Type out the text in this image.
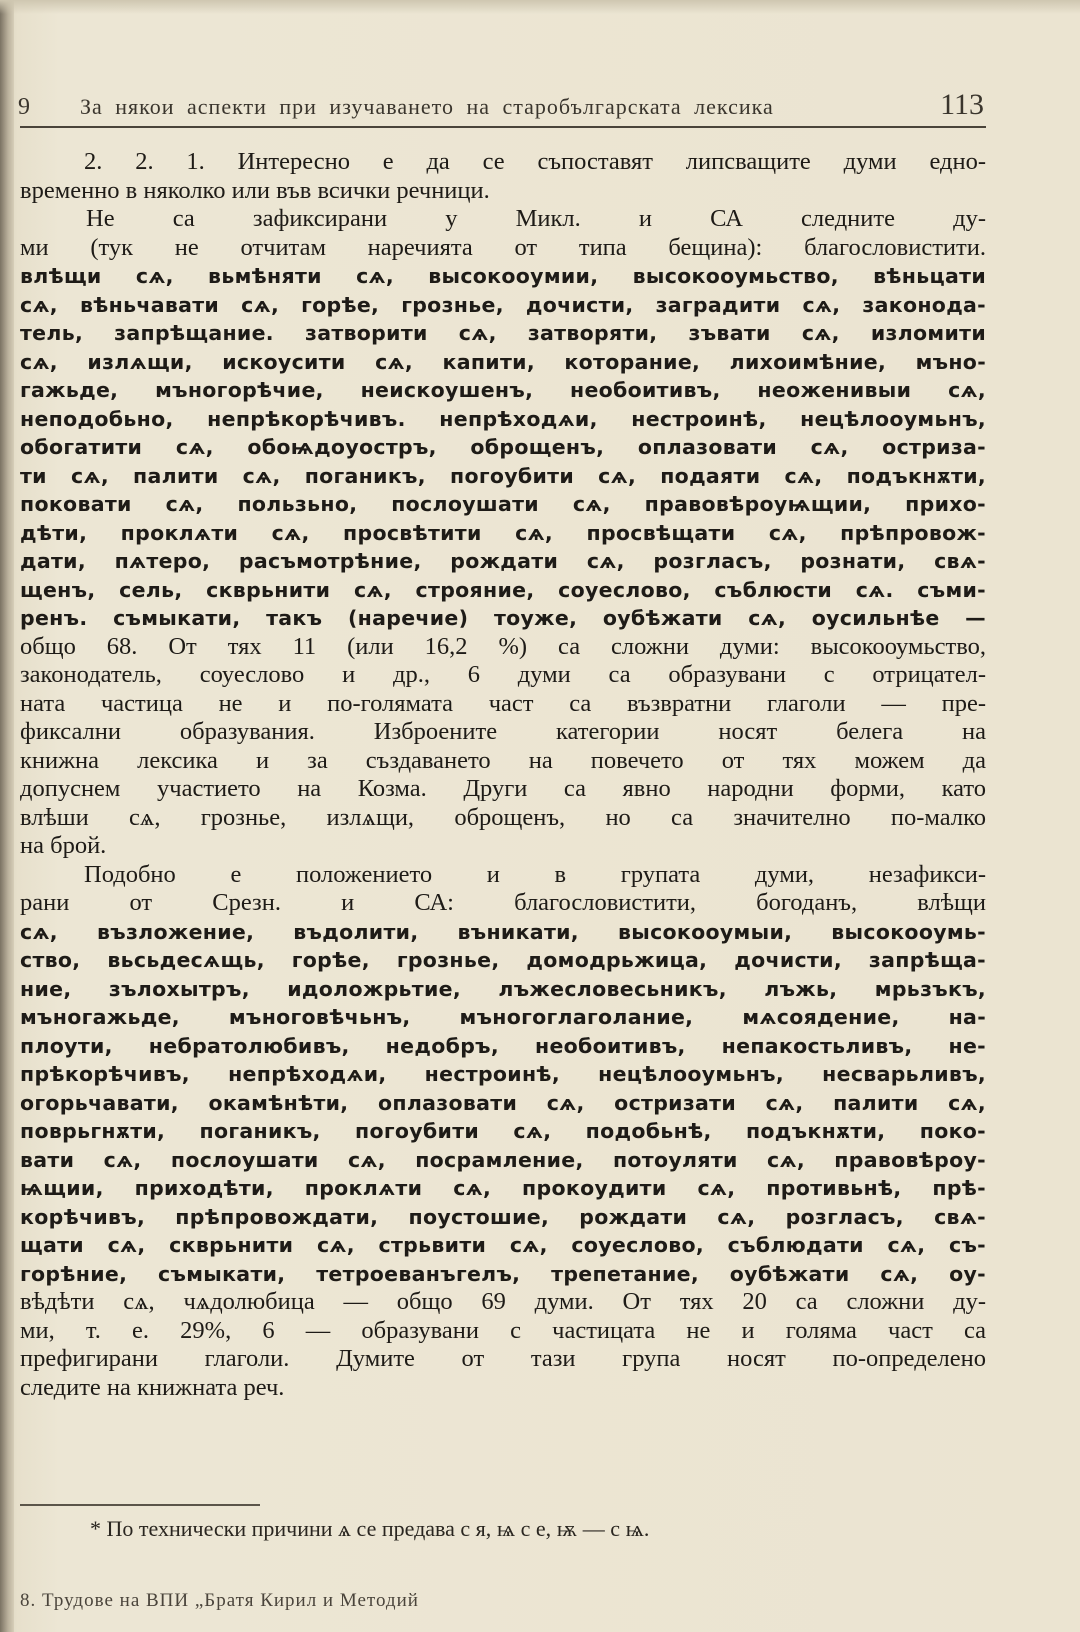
9 За някои аспекти при изучаването на старобългарската лексика	113
2. 2. 1. Интересно е да се съпоставят липсващите думи едно-
временно в няколко или във всички речници.
Не са зафиксирани у Микл. и СА следните ду-
ми (тук не отчитам наречията от типа бещина): благословистити.
влѣщи сѧ, вьмѣняти сѧ, высокоoумии, высокоoумьство, вѣньцати
сѧ, вѣньчавати сѧ, горѣе, грозньe, дочисти, заградити сѧ, законода-
тель, запрѣщание. затворити сѧ, затворяти, зъвати сѧ, изломити
сѧ, излѧщи, искоусити сѧ, капити, которание, лихоимѣние, мъно-
гажьде, мъногорѣчие, неискоушенъ, необоитивъ, неоженивыи сѧ,
неподобьно, непрѣкорѣчивъ. непрѣходѧи, нестроинѣ, нецѣлооумьнъ,
обогатити сѧ, обоѩдоуостръ, обpощенъ, оплазовати сѧ, остриза-
ти сѧ, палити сѧ, поганикъ, погоубити сѧ, подаяти сѧ, подъкнѫти,
поковати сѧ, пользьно, послоушати сѧ, правовѣроуѩщии, прихо-
дѣти, проклѧти сѧ, просвѣтити сѧ, просвѣщати сѧ, прѣпровож-
дати, пѧтеро, расъмотрѣние, рождати сѧ, розгласъ, рознати, свѧ-
щенъ, сель, скврьнити сѧ, строяние, соуеслово, съблюсти сѧ. съми-
ренъ. съмыкати, такъ (наречие) тоуже, оубѣжати сѧ, оусильнѣе —
общо 68. От тях 11 (или 16,2 %) са сложни думи: высокооумьство,
законодатель, соуеслово и др., 6 думи са образувани с отрицател-
ната частица не и по-голямата част са възвратни глаголи — пре-
фиксални образувания. Изброените категории носят белега на
книжна лексика и за създаването на повечето от тях можем да
допуснем участието на Козма. Други са явно народни форми, като
влѣши сѧ, грозньe, излѧщи, обpощенъ, но са значително по-малко
на брой.
Подобно е положението и в групата думи, незафикси-
рани от Срезн. и СА: благословистити, богоданъ, влѣщи
сѧ, възложение, въдолити, въникати, высокоoумыи, высокооумь-
ство, вьсьдесѧщь, горѣе, грозньe, домодрьжица, дочисти, запрѣща-
ние, зълохытръ, идоложрьтие, лъжесловесьникъ, лъжь, мрьзъкъ,
мъногажьде, мъноговѣчьнъ, мъногоглаголание, мѧсоядение, на-
плоути, небратолюбивъ, недобръ, необоитивъ, непакостьливъ, не-
прѣкорѣчивъ, непрѣходѧи, нестроинѣ, нецѣлооумьнъ, несварьливъ,
огорьчавати, окамѣнѣти, оплазовати сѧ, остризати сѧ, палити сѧ,
поврьгнѫти, поганикъ, погоубити сѧ, подобьнѣ, подъкнѫти, поко-
вати сѧ, послоушати сѧ, посрамление, потоуляти сѧ, правовѣроу-
ѩщии, приходѣти, проклѧти сѧ, прокоудити сѧ, противьнѣ, прѣ-
корѣчивъ, прѣпровождати, поустошие, рождати сѧ, розгласъ, свѧ-
щати сѧ, скврьнити сѧ, стрьвити сѧ, соуеслово, съблюдати сѧ, съ-
горѣние, съмыкати, тетроеванъгелъ, трепетание, оубѣжати сѧ, оу-
вѣдѣти сѧ, чѧдолюбица — общо 69 думи. От тях 20 са сложни ду-
ми, т. е. 29%, 6 — образувани с частицата не и голяма част са
префигирани глаголи. Думите от тази група носят по-определено
следите на книжната реч.
* По технически причини ѧ се предава с я, ѩ с е, ѭ — с ѩ.
8. Трудове на ВПИ „Братя Кирил и Методий
